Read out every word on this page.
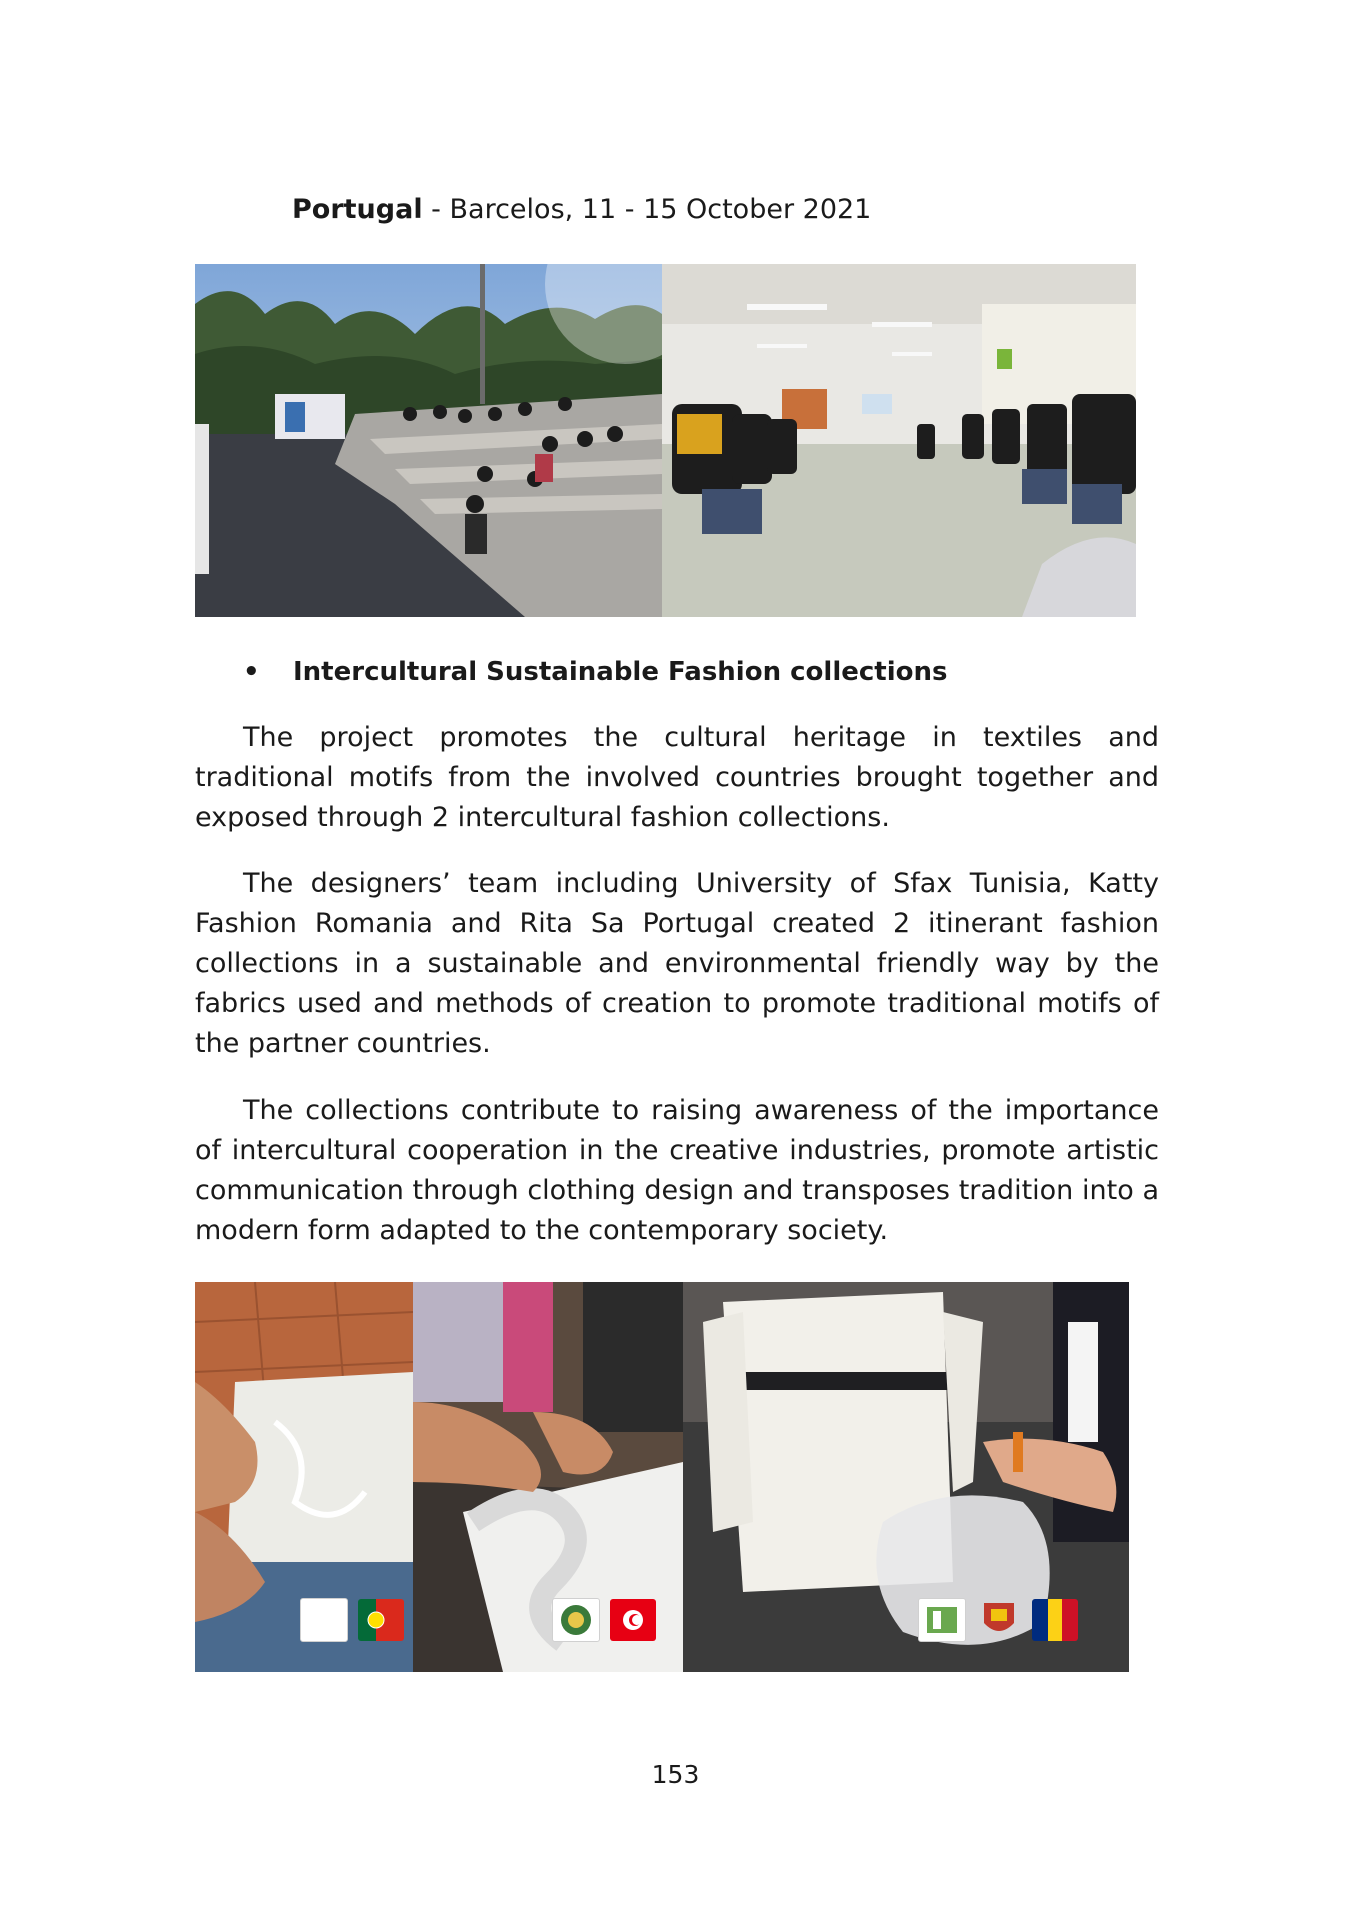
Portugal - Barcelos, 11 - 15 October 2021
• Intercultural Sustainable Fashion collections

The project promotes the cultural heritage in textiles and traditional motifs from the involved countries brought together and exposed through 2 intercultural fashion collections.

The designers’ team including University of Sfax Tunisia, Katty Fashion Romania and Rita Sa Portugal created 2 itinerant fashion collections in a sustainable and environmental friendly way by the fabrics used and methods of creation to promote traditional motifs of the partner countries.

The collections contribute to raising awareness of the importance of intercultural cooperation in the creative industries, promote artistic communication through clothing design and transposes tradition into a modern form adapted to the contemporary society.

153
